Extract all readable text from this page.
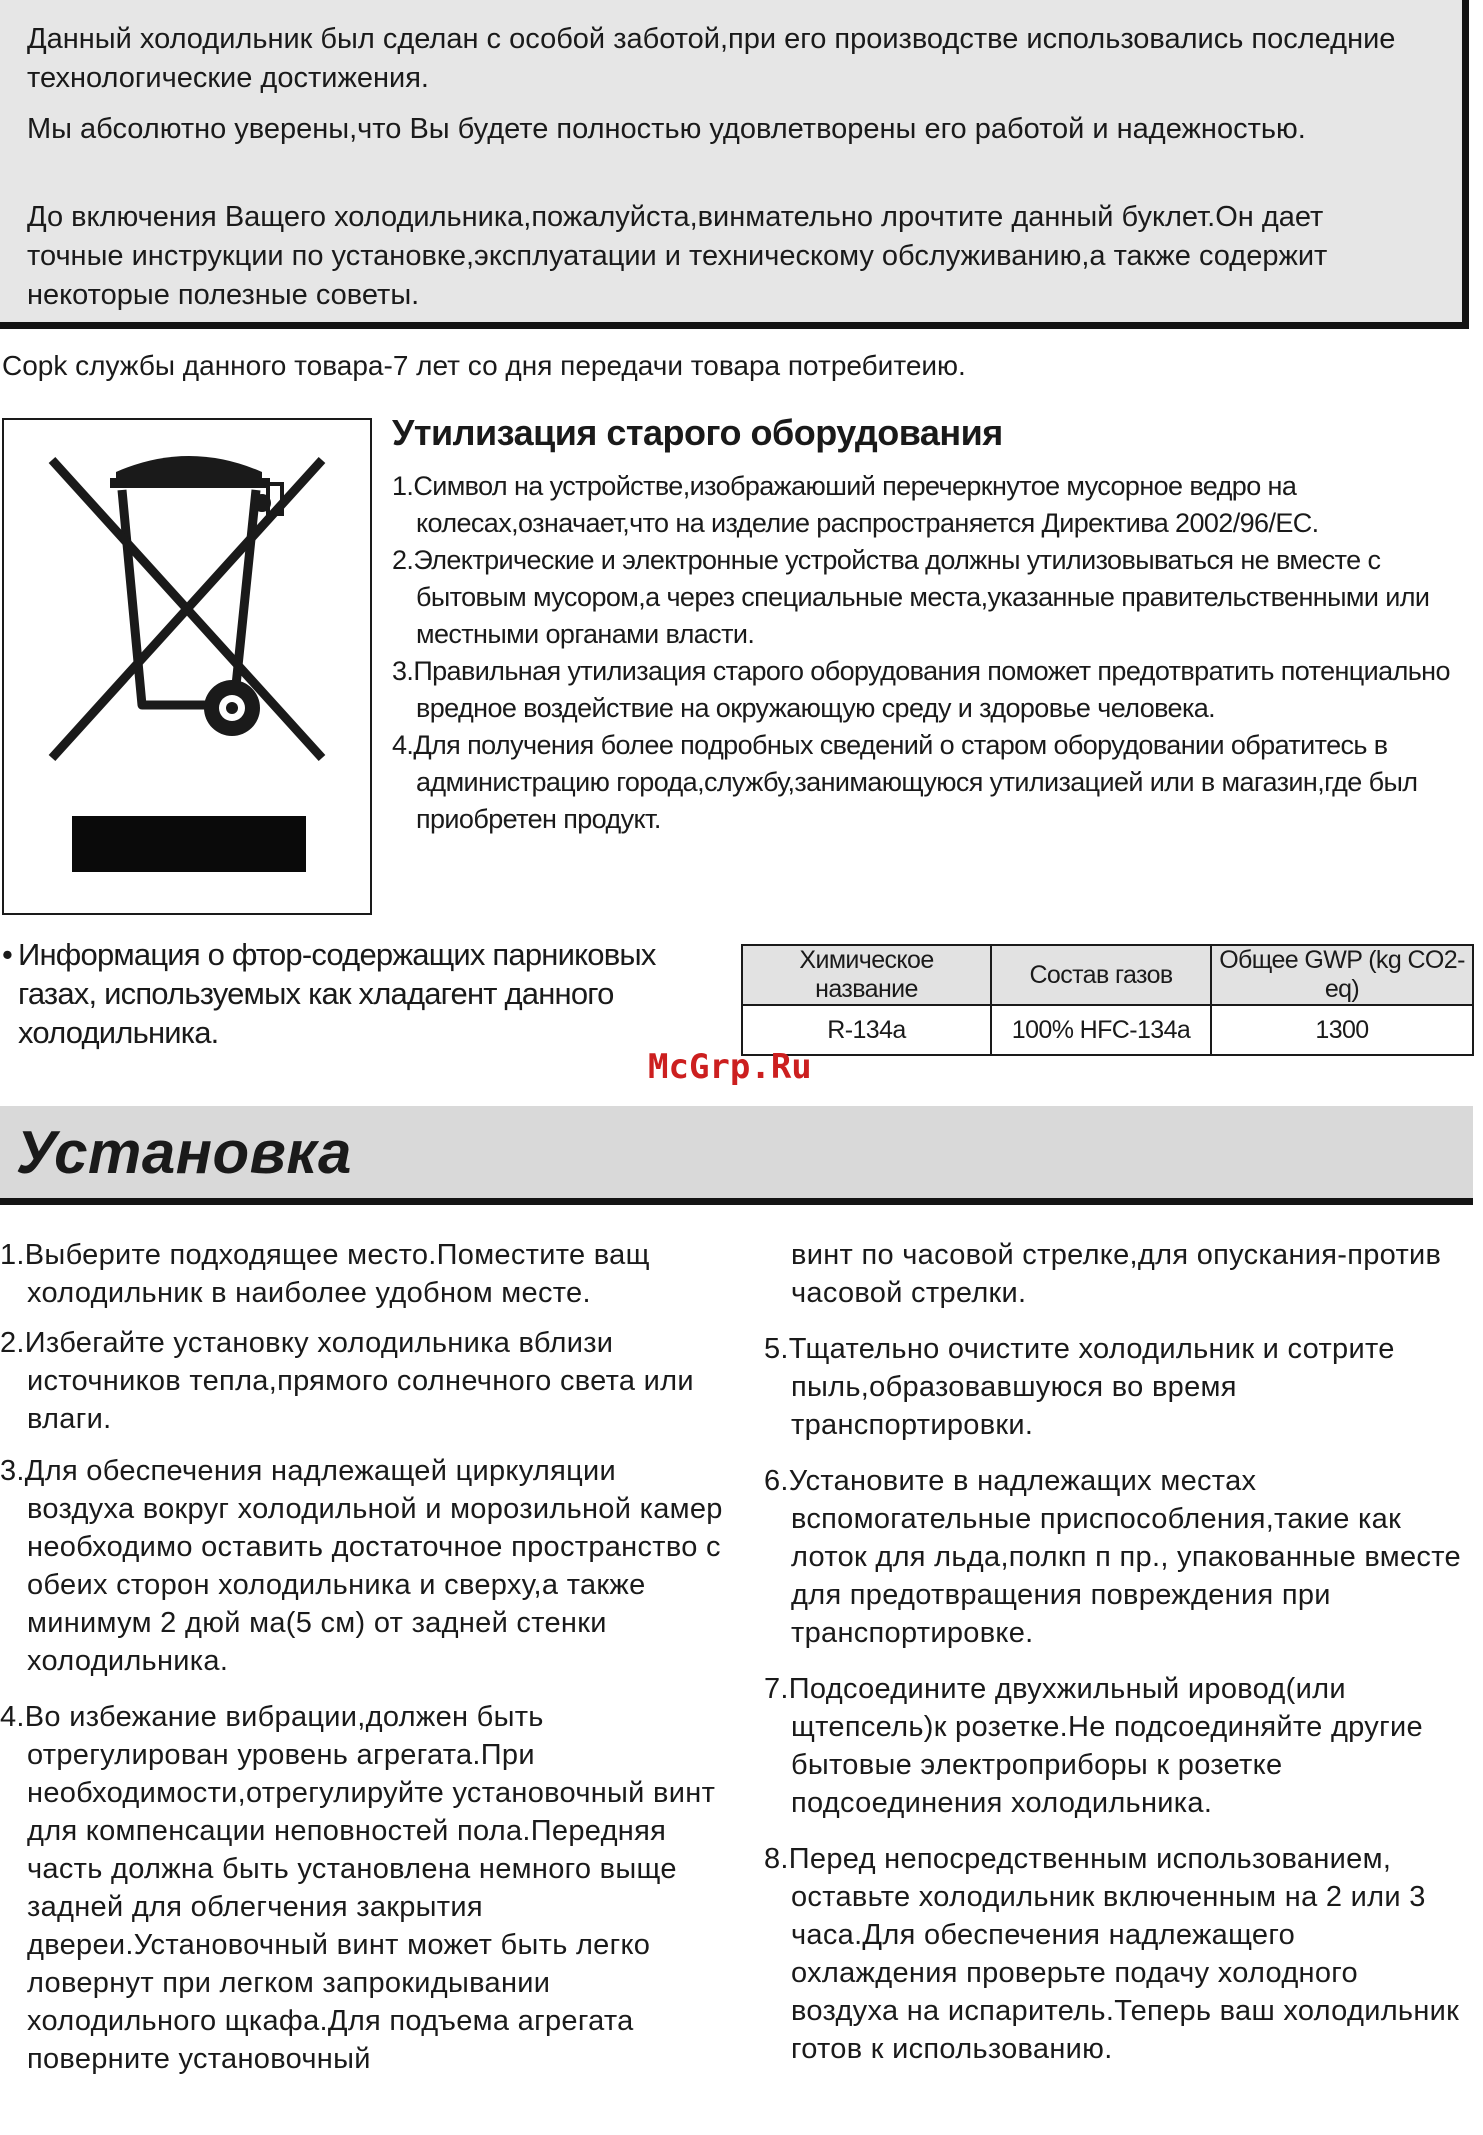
Данный холодильник был сделан с особой заботой,при его производстве использовались последние технологические достижения.

Мы абсолютно уверены,что Вы будете полностью удовлетворены его работой и надежностью.

До включения Ващего холодильника,пожалуйста,винмательно лрочтите данный буклет.Он дает точные инструкции по установке,эксплуатации и техническому обслуживанию,а также содержит некоторые полезные советы.

Copk службы данного товара-7 лет со дня передачи товара потребитеию.

Утилизация старого оборудования
1.Символ на устройстве,изображаюший перечеркнутое мусорное ведро на колесах,означает,что на изделие распространяется Директива 2002/96/EC.
2.Электрические и электронные устройства должны утилизовываться не вместе с бытовым мусором,а через специальные места,указанные правительственными или местными органами власти.
3.Правильная утилизация старого оборудования поможет предотвратить потенциально вредное воздействие на окружающую среду и здоровье человека.
4.Для получения более подробных сведений о старом оборудовании обратитесь в администрацию города,службу,занимающуюся утилизацией или в магазин,где был приобретен продукт.
• Информация о фтор-содержащих парниковых газах, используемых как хладагент данного холодильника.
Химическое название	Состав газов	Общее GWP (kg CO2-eq)
R-134a	100% HFC-134a	1300

McGrp.Ru

Установка
1.Выберите подходящее место.Поместите ващ холодильник в наиболее удобном месте.
2.Избегайте установку холодильника вблизи источников тепла,прямого солнечного света или влаги.
3.Для обеспечения надлежащей циркуляции воздуха вокруг холодильной и морозильной камер необходимо оставить достаточное пространство с обеих сторон холодильника и сверху,а также минимум 2 дюй ма(5 см) от задней стенки холодильника.
4.Во избежание вибрации,должен быть отрегулирован уровень агрегата.При необходимости,отрегулируйте установочный винт для компенсации неповностей пола.Передняя часть должна быть установлена немного выще задней для облегчения закрытия двереи.Установочный винт может быть легко ловернут при легком запрокидывании холодильного щкафа.Для подъема агрегата поверните установочный
винт по часовой стрелке,для опускания-против часовой стрелки.
5.Тщательно очистите холодильник и сотрите пыль,образовавшуюся во время транспортировки.
6.Установите в надлежащих местах вспомогательные приспособления,такие как лоток для льда,полкп п пр., упакованные вместе для предотвращения повреждения при транспортировке.
7.Подсоедините двухжильный ировод(или щтепсель)к розетке.Не подсоединяйте другие бытовые электроприборы к розетке подсоединения холодильника.
8.Перед непосредственным использованием, оставьте холодильник включенным на 2 или 3 часа.Для обеспечения надлежащего охлаждения проверьте подачу холодного воздуха на испаритель.Теперь ваш холодильник готов к использованию.
